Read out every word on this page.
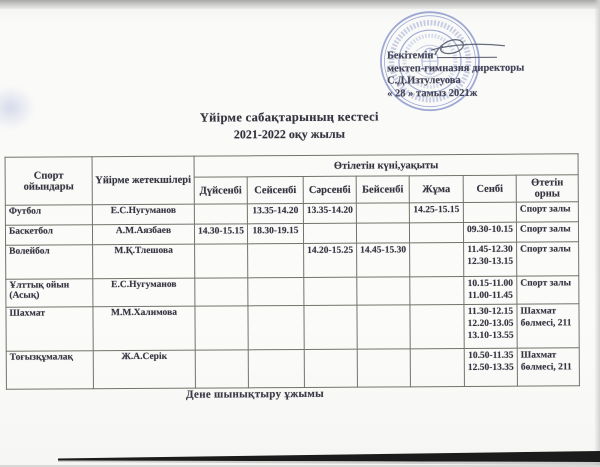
Бекітемін
мектеп-гимназия директоры
С.Д.Изтулеуова
« 28 » тамыз 2021ж
Үйірме сабақтарының кестесі
2021-2022 оқу жылы
Спорт ойындары	Үйірме жетекшілері	Өтілетін күні,уақыты						
		Дүйсенбі	Сейсенбі	Сәрсенбі	Бейсенбі	Жұма	Сенбі	Өтетін орны
Футбол	Е.С.Нугуманов		13.35-14.20	13.35-14.20		14.25-15.15		Спорт залы
Баскетбол	А.М.Аязбаев	14.30-15.15	18.30-19.15				09.30-10.15	Спорт залы
Волейбол	М.Қ.Тлешова			14.20-15.25	14.45-15.30		11.45-12.30
12.30-13.15	Спорт залы
Ұлттық ойын (Асық)	Е.С.Нугуманов						10.15-11.00
11.00-11.45	Спорт залы
Шахмат	М.М.Халимова						11.30-12.15
12.20-13.05
13.10-13.55	Шахмат бөлмесі, 211
Тоғызқұмалақ	Ж.А.Серік						10.50-11.35
12.50-13.35	Шахмат бөлмесі, 211
Дене шынықтыру ұжымы
